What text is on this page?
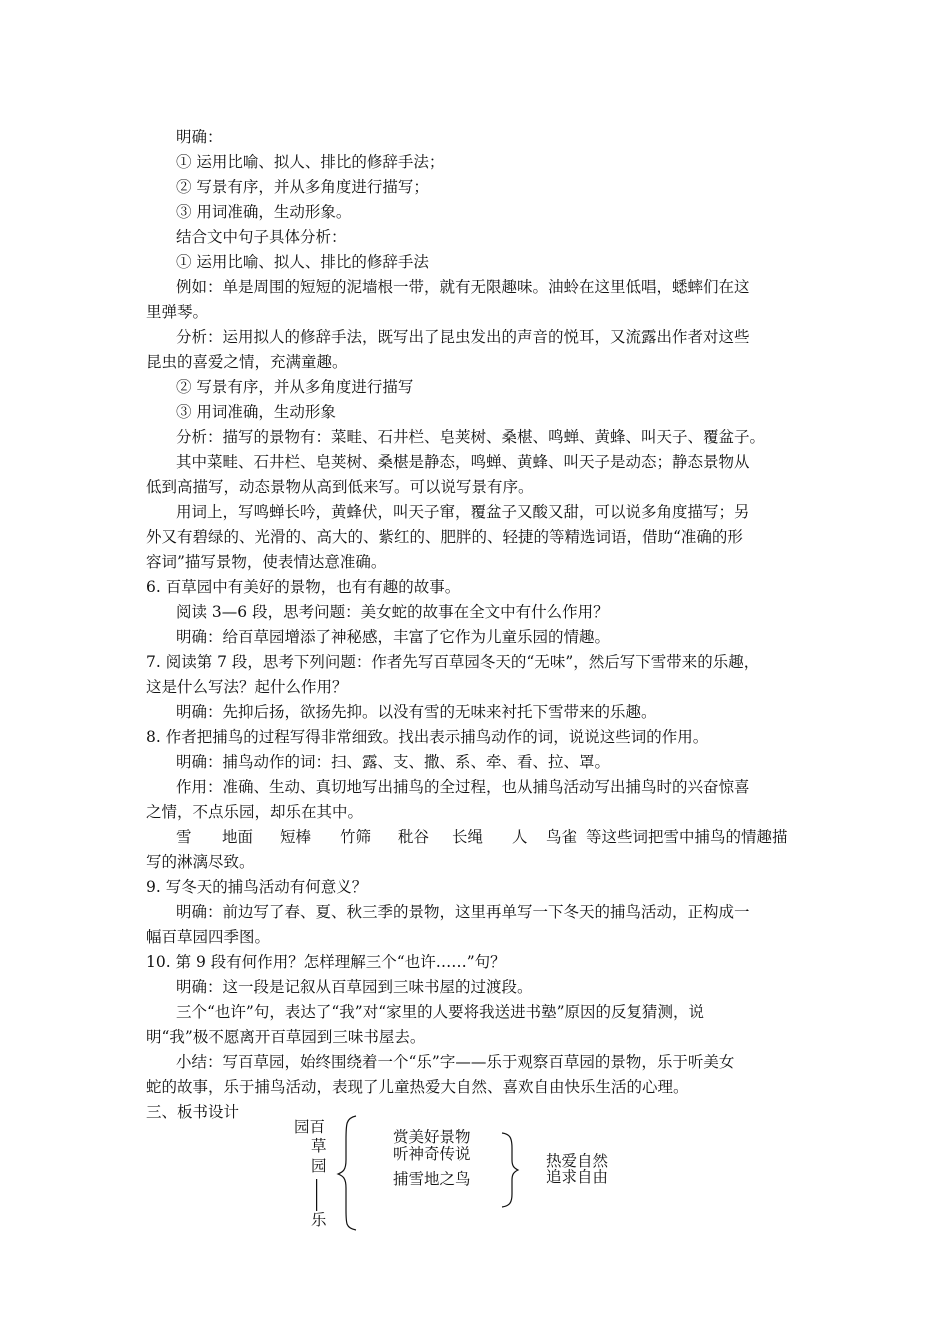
明确：
① 运用比喻、拟人、排比的修辞手法；
② 写景有序，并从多角度进行描写；
③ 用词准确，生动形象。
结合文中句子具体分析：
① 运用比喻、拟人、排比的修辞手法
例如：单是周围的短短的泥墙根一带，就有无限趣味。油蛉在这里低唱，蟋蟀们在这
里弹琴。
分析：运用拟人的修辞手法，既写出了昆虫发出的声音的悦耳，又流露出作者对这些
昆虫的喜爱之情，充满童趣。
② 写景有序，并从多角度进行描写
③ 用词准确，生动形象
分析：描写的景物有：菜畦、石井栏、皂荚树、桑椹、鸣蝉、黄蜂、叫天子、覆盆子。
其中菜畦、石井栏、皂荚树、桑椹是静态，鸣蝉、黄蜂、叫天子是动态；静态景物从
低到高描写，动态景物从高到低来写。可以说写景有序。
用词上，写鸣蝉长吟，黄蜂伏，叫天子窜，覆盆子又酸又甜，可以说多角度描写；另
外又有碧绿的、光滑的、高大的、紫红的、肥胖的、轻捷的等精选词语，借助“准确的形
容词”描写景物，使表情达意准确。
6. 百草园中有美好的景物，也有有趣的故事。
阅读 3—6 段，思考问题：美女蛇的故事在全文中有什么作用？
明确：给百草园增添了神秘感，丰富了它作为儿童乐园的情趣。
7. 阅读第 7 段，思考下列问题：作者先写百草园冬天的“无味”，然后写下雪带来的乐趣，
这是什么写法？起什么作用？
明确：先抑后扬，欲扬先抑。以没有雪的无味来衬托下雪带来的乐趣。
8. 作者把捕鸟的过程写得非常细致。找出表示捕鸟动作的词，说说这些词的作用。
明确：捕鸟动作的词：扫、露、支、撒、系、牵、看、拉、罩。
作用：准确、生动、真切地写出捕鸟的全过程，也从捕鸟活动写出捕鸟时的兴奋惊喜
之情，不点乐园，却乐在其中。
雪 地面 短棒 竹筛 秕谷 长绳 人 鸟雀 等这些词把雪中捕鸟的情趣描
写的淋漓尽致。
9. 写冬天的捕鸟活动有何意义？
明确：前边写了春、夏、秋三季的景物，这里再单写一下冬天的捕鸟活动，正构成一
幅百草园四季图。
10. 第 9 段有何作用？怎样理解三个“也许……”句？
明确：这一段是记叙从百草园到三味书屋的过渡段。
三个“也许”句，表达了“我”对“家里的人要将我送进书塾”原因的反复猜测，说
明“我”极不愿离开百草园到三味书屋去。
小结：写百草园，始终围绕着一个“乐”字——乐于观察百草园的景物，乐于听美女
蛇的故事，乐于捕鸟活动，表现了儿童热爱大自然、喜欢自由快乐生活的心理。
三、板书设计
园百
草
园
|
|
乐
赏美好景物
听神奇传说
捕雪地之鸟
热爱自然
追求自由
